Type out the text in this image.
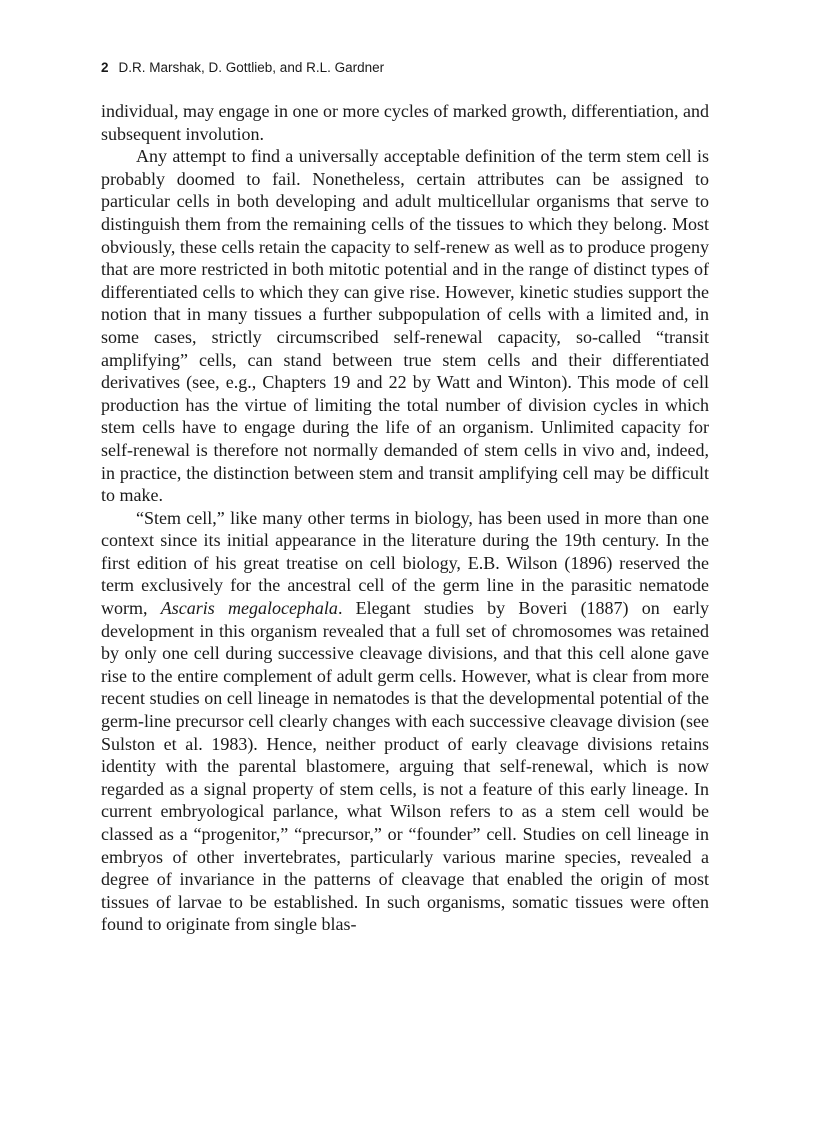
2 D.R. Marshak, D. Gottlieb, and R.L. Gardner

individual, may engage in one or more cycles of marked growth, differentiation, and subsequent involution.

Any attempt to find a universally acceptable definition of the term stem cell is probably doomed to fail. Nonetheless, certain attributes can be assigned to particular cells in both developing and adult multicellular organisms that serve to distinguish them from the remaining cells of the tissues to which they belong. Most obviously, these cells retain the capacity to self-renew as well as to produce progeny that are more restricted in both mitotic potential and in the range of distinct types of differentiated cells to which they can give rise. However, kinetic studies support the notion that in many tissues a further subpopulation of cells with a limited and, in some cases, strictly circumscribed self-renewal capacity, so-called “transit amplifying” cells, can stand between true stem cells and their differentiated derivatives (see, e.g., Chapters 19 and 22 by Watt and Winton). This mode of cell production has the virtue of limiting the total number of division cycles in which stem cells have to engage during the life of an organism. Unlimited capacity for self-renewal is therefore not normally demanded of stem cells in vivo and, indeed, in practice, the distinction between stem and transit amplifying cell may be difficult to make.

“Stem cell,” like many other terms in biology, has been used in more than one context since its initial appearance in the literature during the 19th century. In the first edition of his great treatise on cell biology, E.B. Wilson (1896) reserved the term exclusively for the ancestral cell of the germ line in the parasitic nematode worm, Ascaris megalocephala. Elegant studies by Boveri (1887) on early development in this organism revealed that a full set of chromosomes was retained by only one cell during successive cleavage divisions, and that this cell alone gave rise to the entire complement of adult germ cells. However, what is clear from more recent studies on cell lineage in nematodes is that the developmental potential of the germ-line precursor cell clearly changes with each successive cleavage division (see Sulston et al. 1983). Hence, neither product of early cleavage divisions retains identity with the parental blastomere, arguing that self-renewal, which is now regarded as a signal property of stem cells, is not a feature of this early lineage. In current embryological parlance, what Wilson refers to as a stem cell would be classed as a “progenitor,” “precursor,” or “founder” cell. Studies on cell lineage in embryos of other invertebrates, particularly various marine species, revealed a degree of invariance in the patterns of cleavage that enabled the origin of most tissues of larvae to be established. In such organisms, somatic tissues were often found to originate from single blas-
